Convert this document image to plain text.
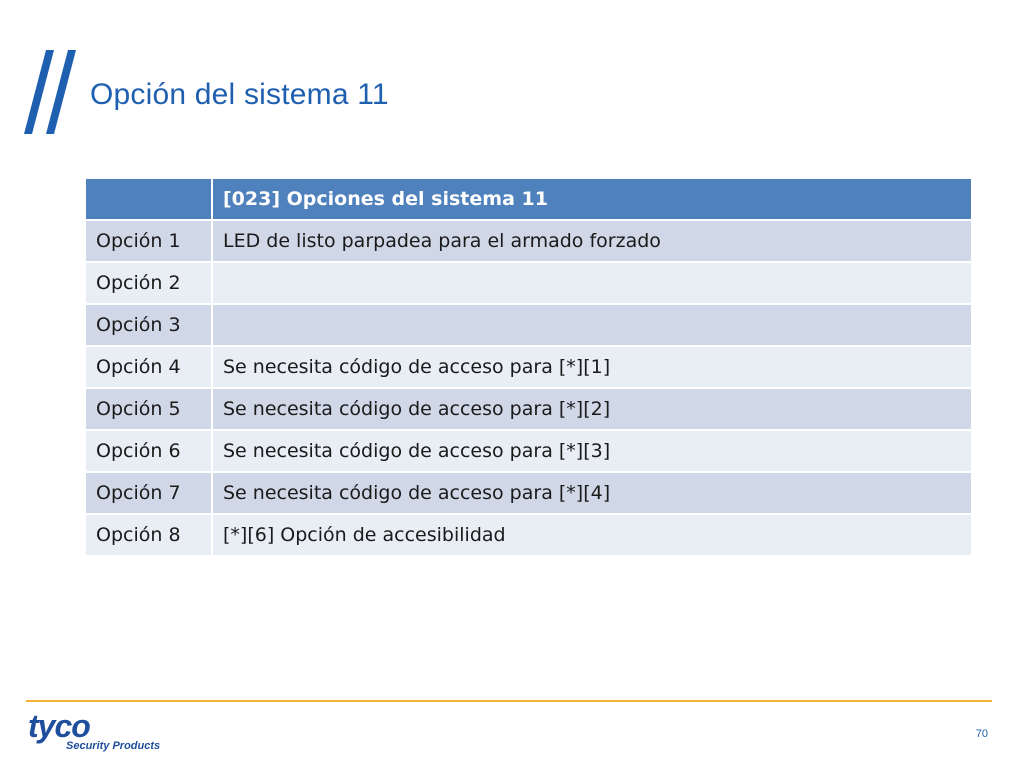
Opción del sistema 11
	[023] Opciones del sistema 11
Opción 1	LED de listo parpadea para el armado forzado
Opción 2	
Opción 3	
Opción 4	Se necesita código de acceso para [*][1]
Opción 5	Se necesita código de acceso para [*][2]
Opción 6	Se necesita código de acceso para [*][3]
Opción 7	Se necesita código de acceso para [*][4]
Opción 8	[*][6] Opción de accesibilidad
tyco
Security Products
70
